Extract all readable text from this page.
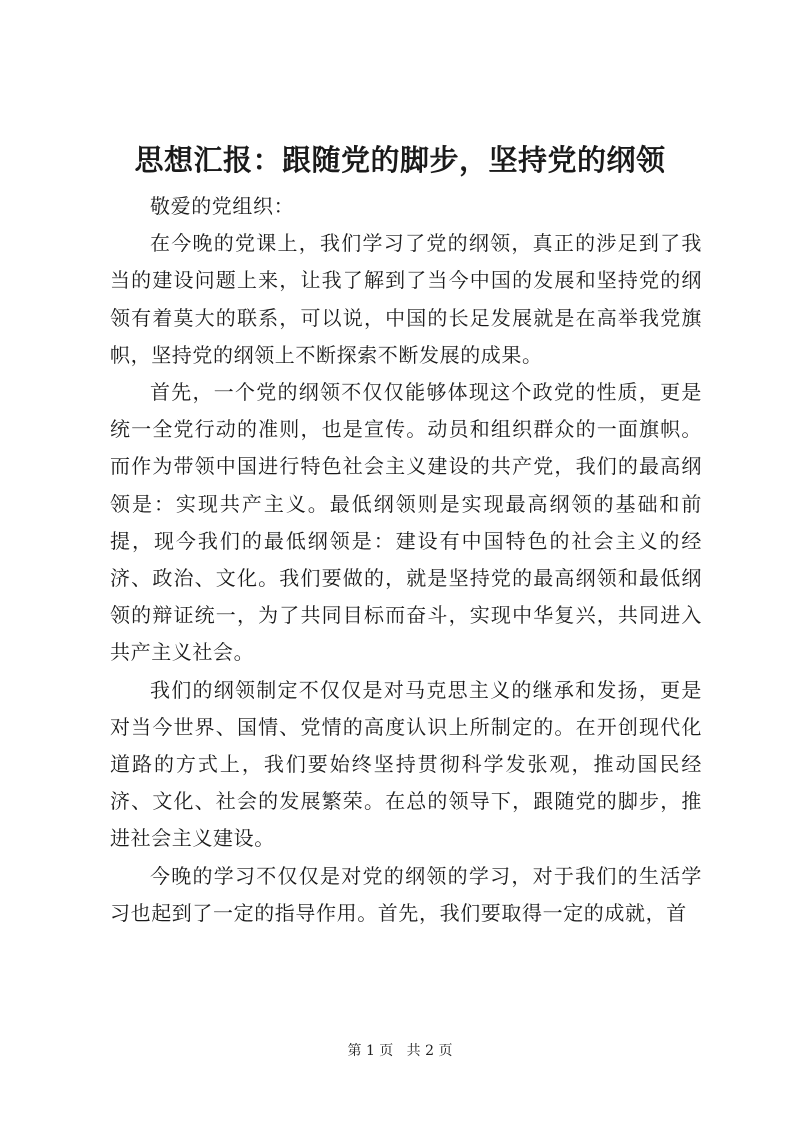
思想汇报：跟随党的脚步，坚持党的纲领

敬爱的党组织：

在今晚的党课上，我们学习了党的纲领，真正的涉足到了我当的建设问题上来，让我了解到了当今中国的发展和坚持党的纲领有着莫大的联系，可以说，中国的长足发展就是在高举我党旗帜，坚持党的纲领上不断探索不断发展的成果。

首先，一个党的纲领不仅仅能够体现这个政党的性质，更是统一全党行动的准则，也是宣传。动员和组织群众的一面旗帜。而作为带领中国进行特色社会主义建设的共产党，我们的最高纲领是：实现共产主义。最低纲领则是实现最高纲领的基础和前提，现今我们的最低纲领是：建设有中国特色的社会主义的经济、政治、文化。我们要做的，就是坚持党的最高纲领和最低纲领的辩证统一，为了共同目标而奋斗，实现中华复兴，共同进入共产主义社会。

我们的纲领制定不仅仅是对马克思主义的继承和发扬，更是对当今世界、国情、党情的高度认识上所制定的。在开创现代化道路的方式上，我们要始终坚持贯彻科学发张观，推动国民经济、文化、社会的发展繁荣。在总的领导下，跟随党的脚步，推进社会主义建设。

今晚的学习不仅仅是对党的纲领的学习，对于我们的生活学习也起到了一定的指导作用。首先，我们要取得一定的成就，首

第 1 页 共 2 页
